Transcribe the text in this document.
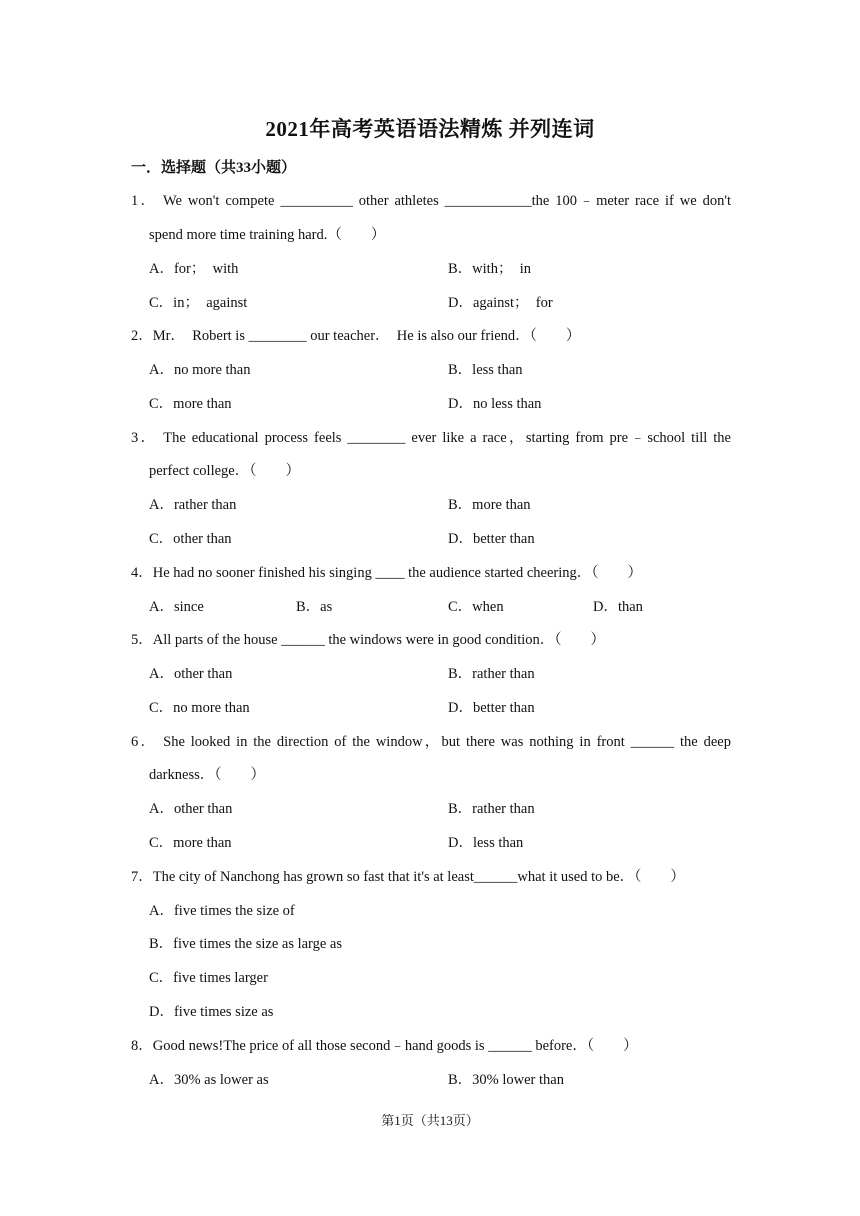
2021年高考英语语法精炼 并列连词
一．选择题（共33小题）
1． We won't compete __________ other athletes ____________the 100﹣meter race if we don't
spend more time training hard.（　　）
A．for；　with	B．with；　in
C．in；　against	D．against；　for
2．Mr．　Robert is ________ our teacher．　He is also our friend．（　　）
A．no more than	B．less than
C．more than	D．no less than
3． The educational process feels ________ ever like a race，starting from pre﹣school till the
perfect college．（　　）
A．rather than	B．more than
C．other than	D．better than
4．He had no sooner finished his singing ____ the audience started cheering．（　　）
A．since	B．as	C．when	D．than
5．All parts of the house ______ the windows were in good condition．（　　）
A．other than	B．rather than
C．no more than	D．better than
6． She looked in the direction of the window，but there was nothing in front ______ the deep
darkness．（　　）
A．other than	B．rather than
C．more than	D．less than
7．The city of Nanchong has grown so fast that it's at least______what it used to be．（　　）
A．five times the size of
B．five times the size as large as
C．five times larger
D．five times size as
8．Good news!The price of all those second﹣hand goods is ______ before．（　　）
A．30% as lower as	B．30% lower than
第1页（共13页）
